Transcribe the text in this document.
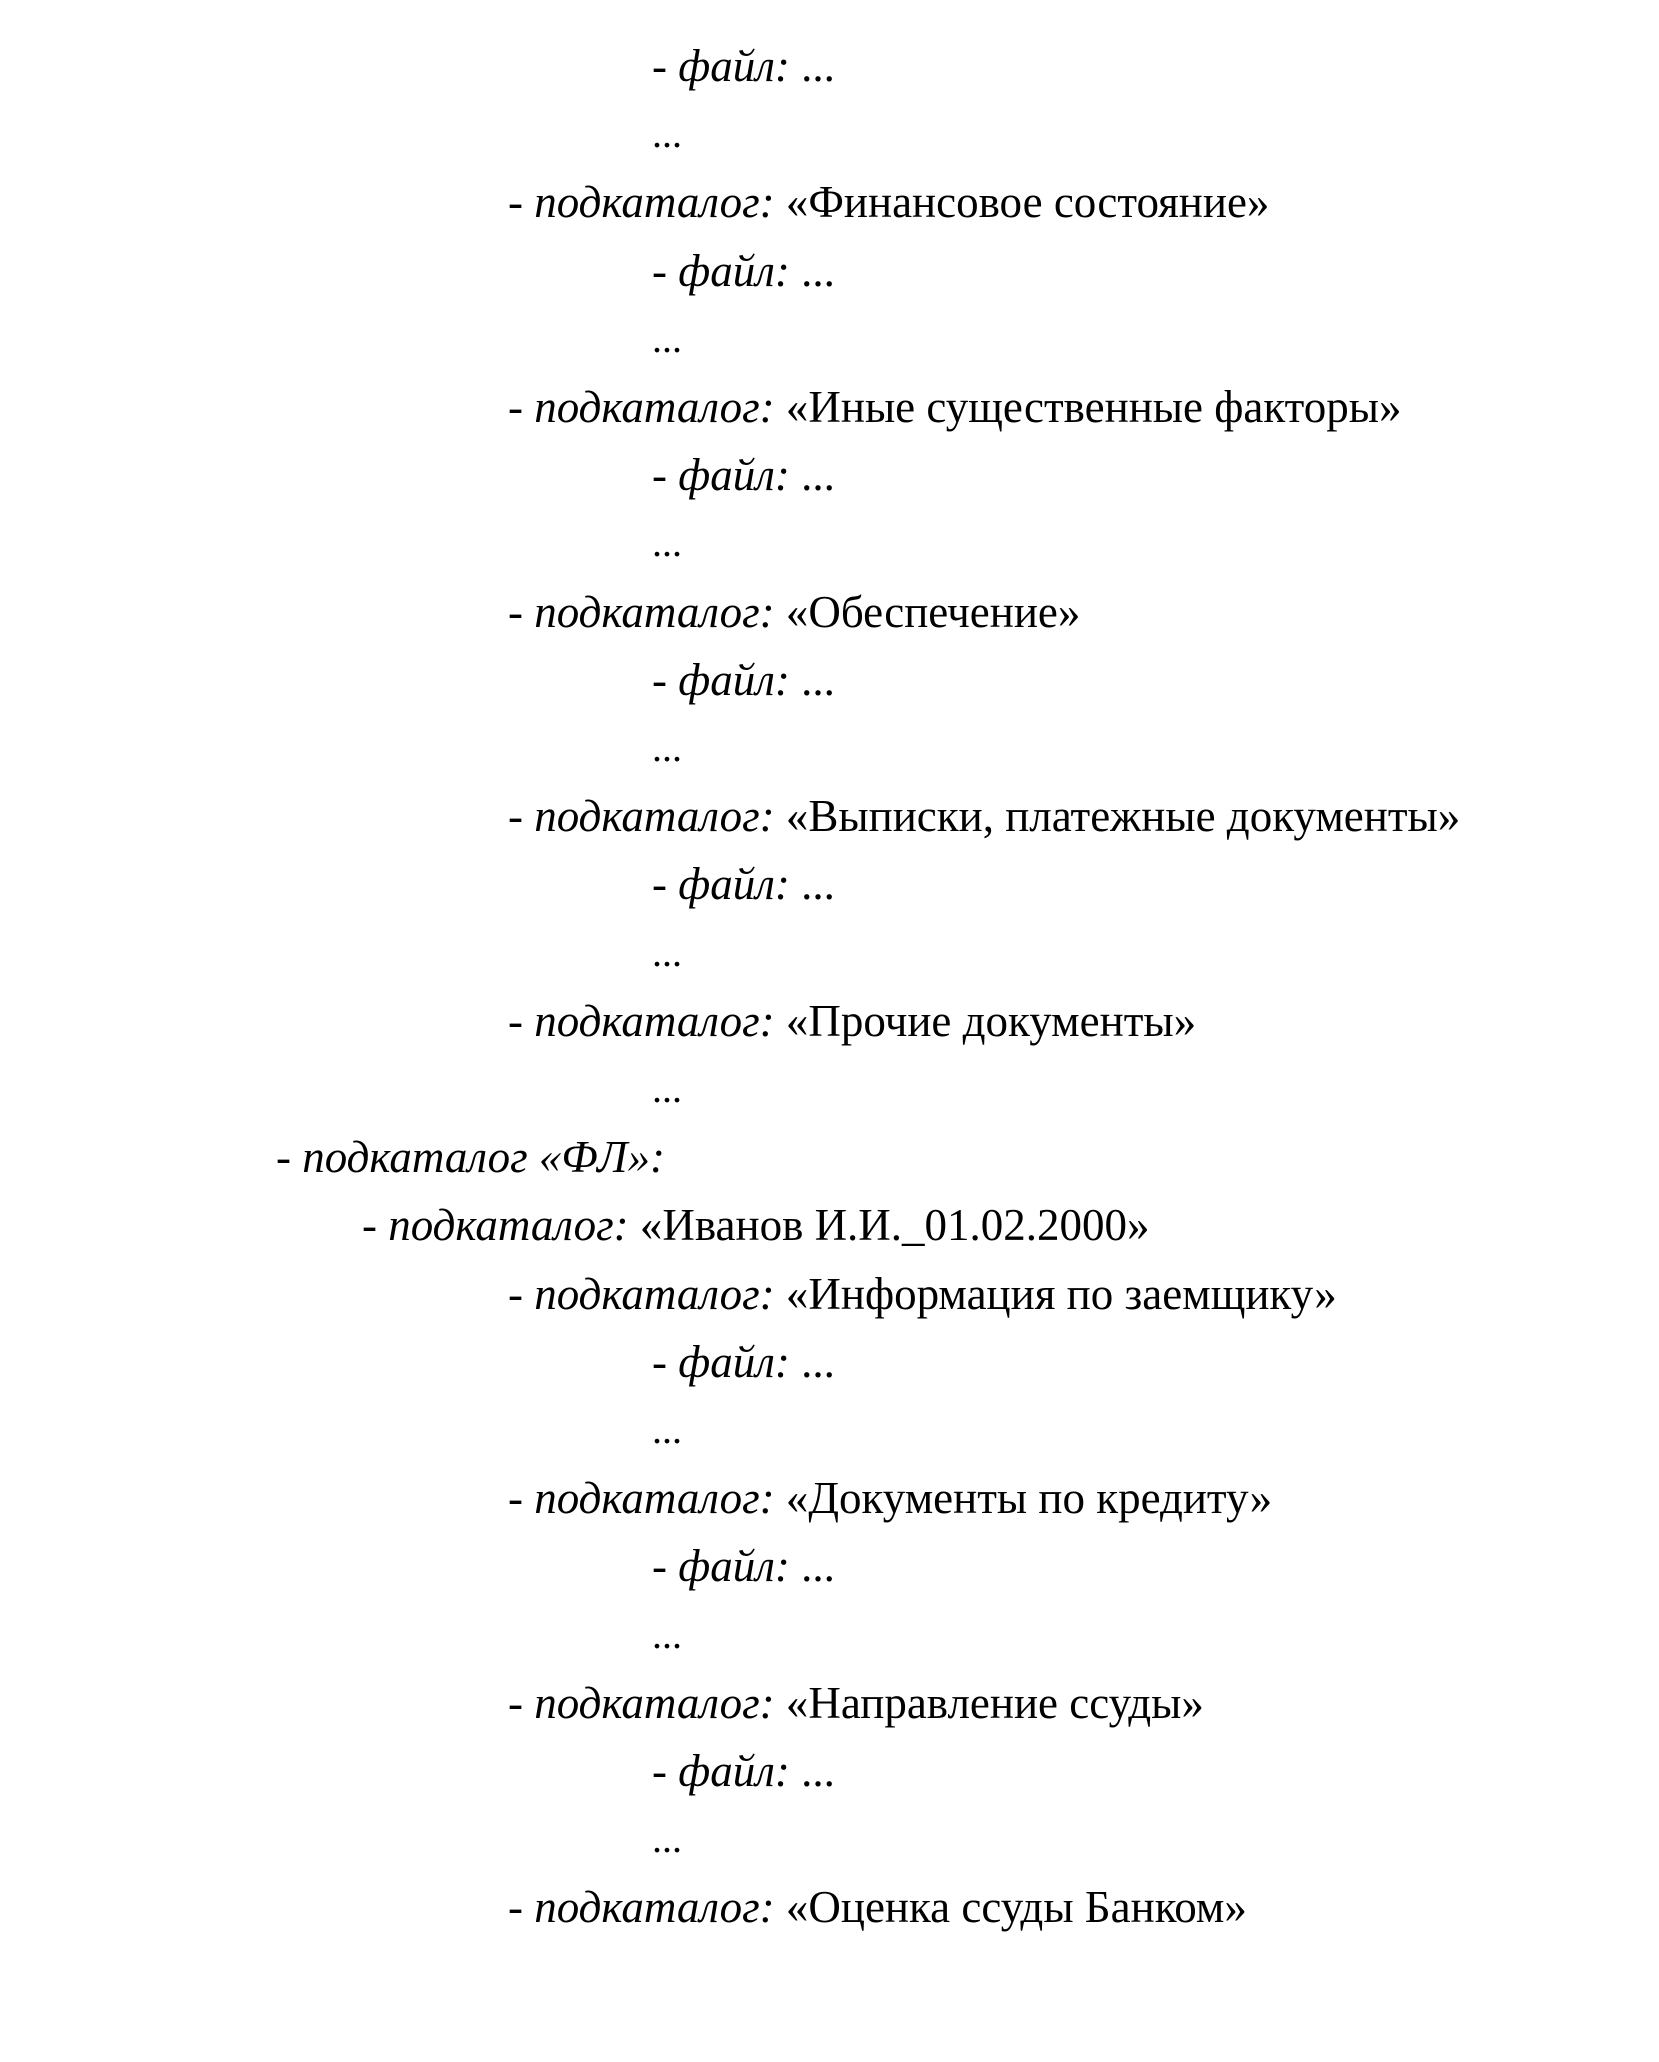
- файл: ...
...
- подкаталог: «Финансовое состояние»
- файл: ...
...
- подкаталог: «Иные существенные факторы»
- файл: ...
...
- подкаталог: «Обеспечение»
- файл: ...
...
- подкаталог: «Выписки, платежные документы»
- файл: ...
...
- подкаталог: «Прочие документы»
...
- подкаталог «ФЛ»:
- подкаталог: «Иванов И.И._01.02.2000»
- подкаталог: «Информация по заемщику»
- файл: ...
...
- подкаталог: «Документы по кредиту»
- файл: ...
...
- подкаталог: «Направление ссуды»
- файл: ...
...
- подкаталог: «Оценка ссуды Банком»
